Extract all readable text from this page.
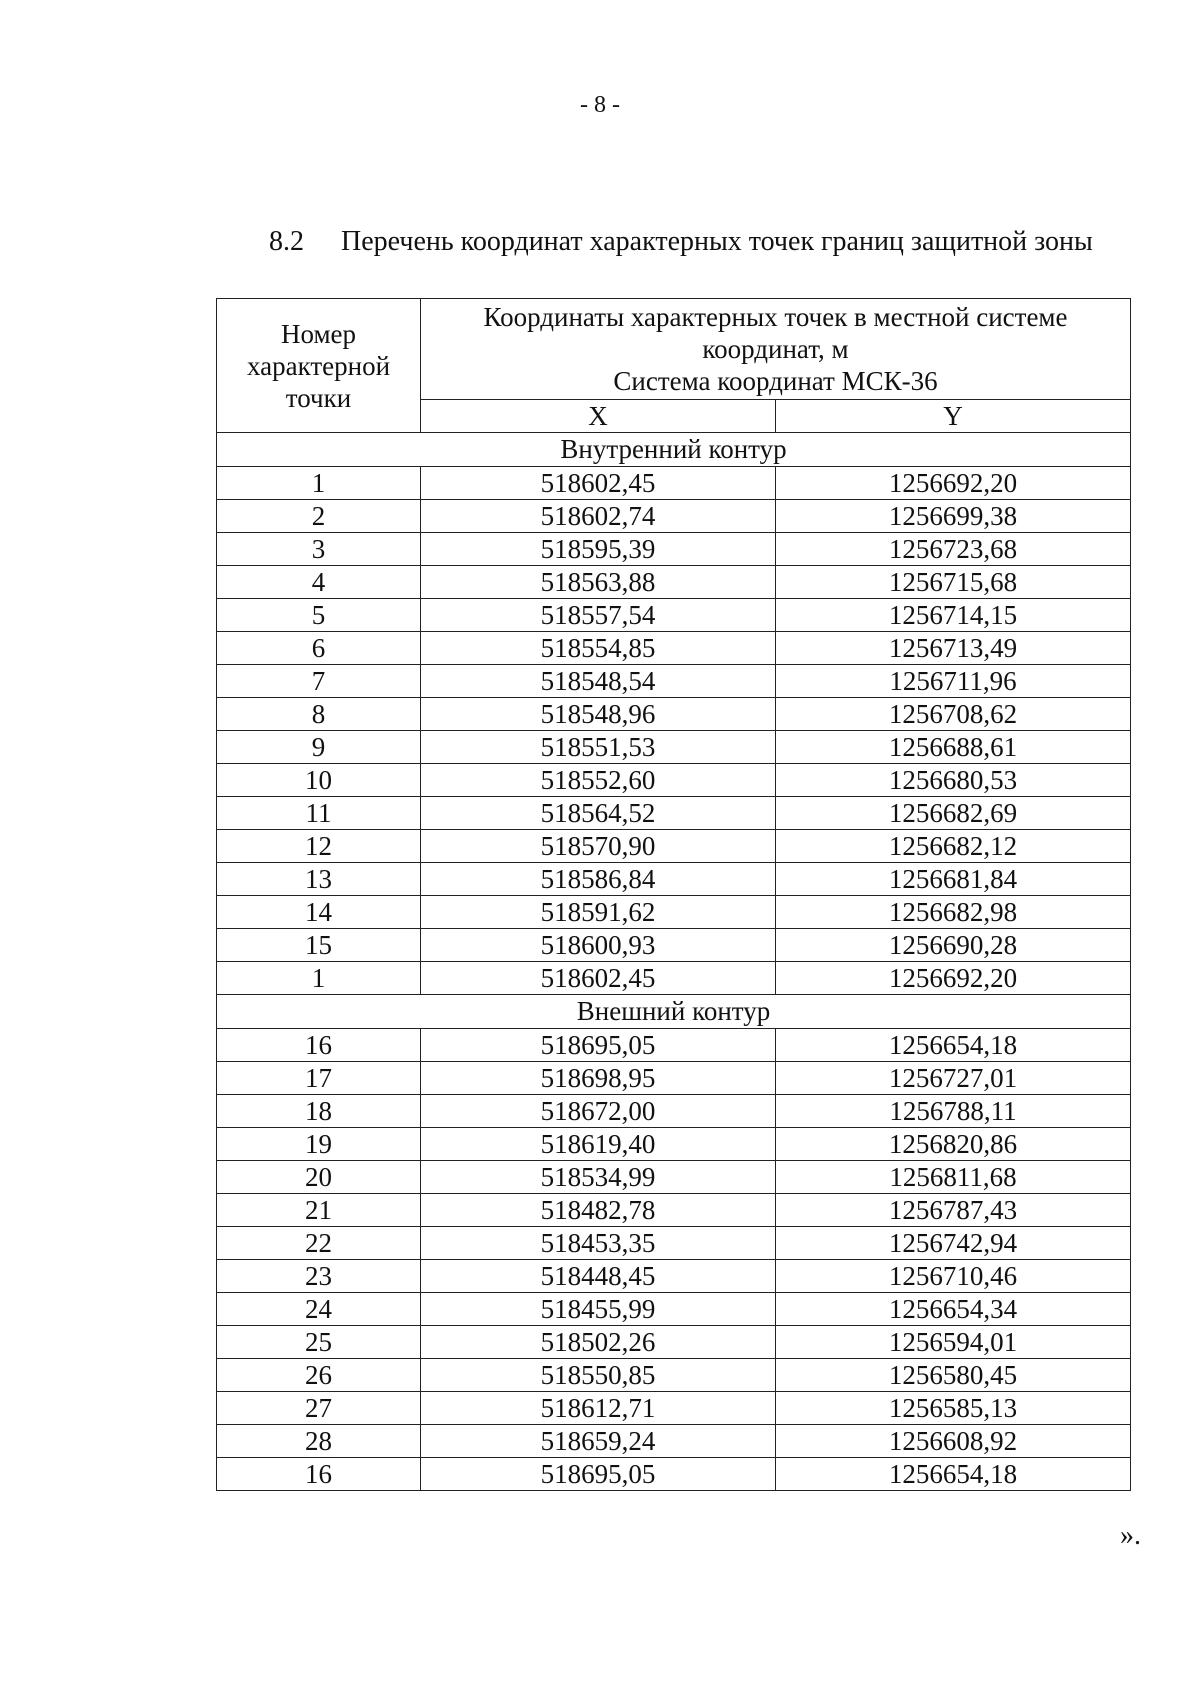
- 8 -
8.2 Перечень координат характерных точек границ защитной зоны
Номер характерной точки	Координаты характерных точек в местной системе
координат, м
Система координат МСК-36	

	X	Y
Внутренний контур		
1	518602,45	1256692,20
2	518602,74	1256699,38
3	518595,39	1256723,68
4	518563,88	1256715,68
5	518557,54	1256714,15
6	518554,85	1256713,49
7	518548,54	1256711,96
8	518548,96	1256708,62
9	518551,53	1256688,61
10	518552,60	1256680,53
11	518564,52	1256682,69
12	518570,90	1256682,12
13	518586,84	1256681,84
14	518591,62	1256682,98
15	518600,93	1256690,28
1	518602,45	1256692,20
Внешний контур		
16	518695,05	1256654,18
17	518698,95	1256727,01
18	518672,00	1256788,11
19	518619,40	1256820,86
20	518534,99	1256811,68
21	518482,78	1256787,43
22	518453,35	1256742,94
23	518448,45	1256710,46
24	518455,99	1256654,34
25	518502,26	1256594,01
26	518550,85	1256580,45
27	518612,71	1256585,13
28	518659,24	1256608,92
16	518695,05	1256654,18
».
